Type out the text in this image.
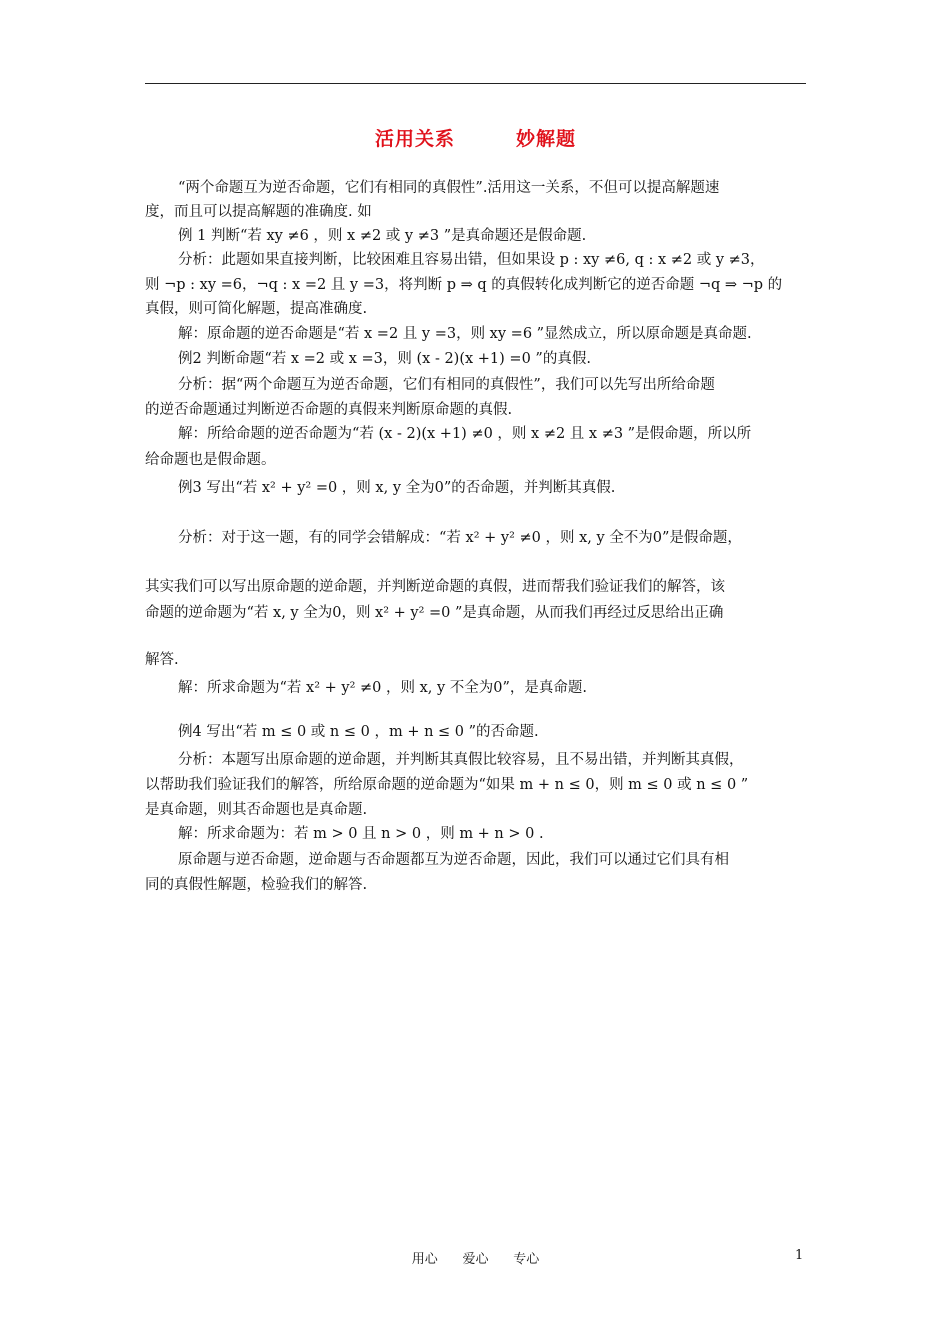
活用关系        妙解题
“两个命题互为逆否命题，它们有相同的真假性”.活用这一关系，不但可以提高解题速
度，而且可以提高解题的准确度. 如
例 1 判断“若 xy ≠6 ，则 x ≠2 或 y ≠3 ”是真命题还是假命题.
分析：此题如果直接判断，比较困难且容易出错，但如果设 p : xy ≠6, q : x ≠2 或 y ≠3，
则 ¬p : xy =6，¬q : x =2 且 y =3，将判断 p ⇒ q 的真假转化成判断它的逆否命题 ¬q ⇒ ¬p 的
真假，则可简化解题，提高准确度.
解：原命题的逆否命题是“若 x =2 且 y =3，则 xy =6 ”显然成立，所以原命题是真命题.
例2 判断命题“若 x =2 或 x =3，则 (x - 2)(x +1) =0 ”的真假.
分析：据“两个命题互为逆否命题，它们有相同的真假性”，我们可以先写出所给命题
的逆否命题通过判断逆否命题的真假来判断原命题的真假.
解：所给命题的逆否命题为“若 (x - 2)(x +1) ≠0 ，则 x ≠2 且 x ≠3 ”是假命题，所以所
给命题也是假命题。
例3 写出“若 x² + y² =0 ，则 x, y 全为0”的否命题，并判断其真假.
分析：对于这一题，有的同学会错解成：“若 x² + y² ≠0 ，则 x, y 全不为0”是假命题，
其实我们可以写出原命题的逆命题，并判断逆命题的真假，进而帮我们验证我们的解答，该
命题的逆命题为“若 x, y 全为0，则 x² + y² =0 ”是真命题，从而我们再经过反思给出正确
解答.
解：所求命题为“若 x² + y² ≠0 ，则 x, y 不全为0”，是真命题.
例4 写出“若 m ≤ 0 或 n ≤ 0 ，m + n ≤ 0 ”的否命题.
分析：本题写出原命题的逆命题，并判断其真假比较容易，且不易出错，并判断其真假，
以帮助我们验证我们的解答，所给原命题的逆命题为“如果 m + n ≤ 0，则 m ≤ 0 或 n ≤ 0 ”
是真命题，则其否命题也是真命题.
解：所求命题为：若 m > 0 且 n > 0 ，则 m + n > 0 .
原命题与逆否命题，逆命题与否命题都互为逆否命题，因此，我们可以通过它们具有相
同的真假性解题，检验我们的解答.
用心      爱心      专心	1
